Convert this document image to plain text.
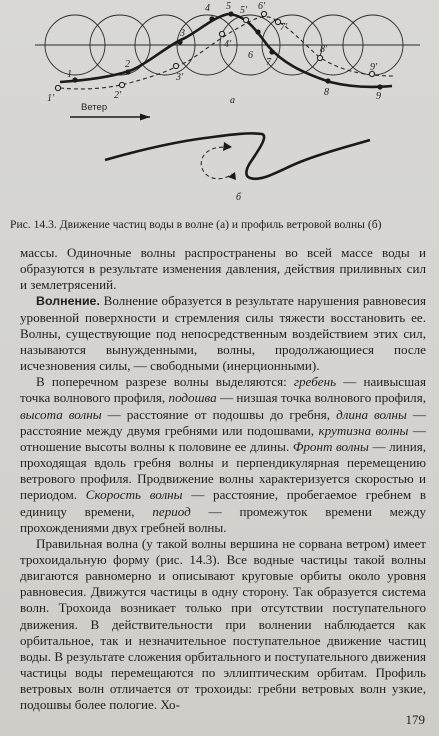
1
2
3
4 5
6
7
8	9
1'	2'
3'
4'
5' 6'
7'
8'
9'
а
Ветер
б
Рис. 14.3. Движение частиц воды в волне (а) и профиль ветровой волны (б)

массы. Одиночные волны распространены во всей массе воды и образуются в результате изменения давления, действия приливных сил и землетрясений.

Волнение. Волнение образуется в результате нарушения равновесия уровенной поверхности и стремления силы тяжести восстановить ее. Волны, существующие под непосредственным воздействием этих сил, называются вынужденными, волны, продолжающиеся после исчезновения силы, — свободными (инерционными).

В поперечном разрезе волны выделяются: гребень — наивысшая точка волнового профиля, подошва — низшая точка волнового профиля, высота волны — расстояние от подошвы до гребня, длина волны — расстояние между двумя гребнями или подошвами, крутизна волны — отношение высоты волны к половине ее длины. Фронт волны — линия, проходящая вдоль гребня волны и перпендикулярная перемещению ветрового профиля. Продвижение волны характеризуется скоростью и периодом. Скорость волны — расстояние, пробегаемое гребнем в единицу времени, период — промежуток времени между прохождениями двух гребней волны.

Правильная волна (у такой волны вершина не сорвана ветром) имеет трохоидальную форму (рис. 14.3). Все водные частицы такой волны двигаются равномерно и описывают круговые орбиты около уровня равновесия. Движутся частицы в одну сторону. Так образуется система волн. Трохоида возникает только при отсутствии поступательного движения. В действительности при волнении наблюдается как орбитальное, так и незначительное поступательное движение частиц воды. В результате сложения орбитального и поступательного движения частицы воды перемещаются по эллиптическим орбитам. Профиль ветровых волн отличается от трохоиды: гребни ветровых волн узкие, подошвы более пологие. Хо-

179
